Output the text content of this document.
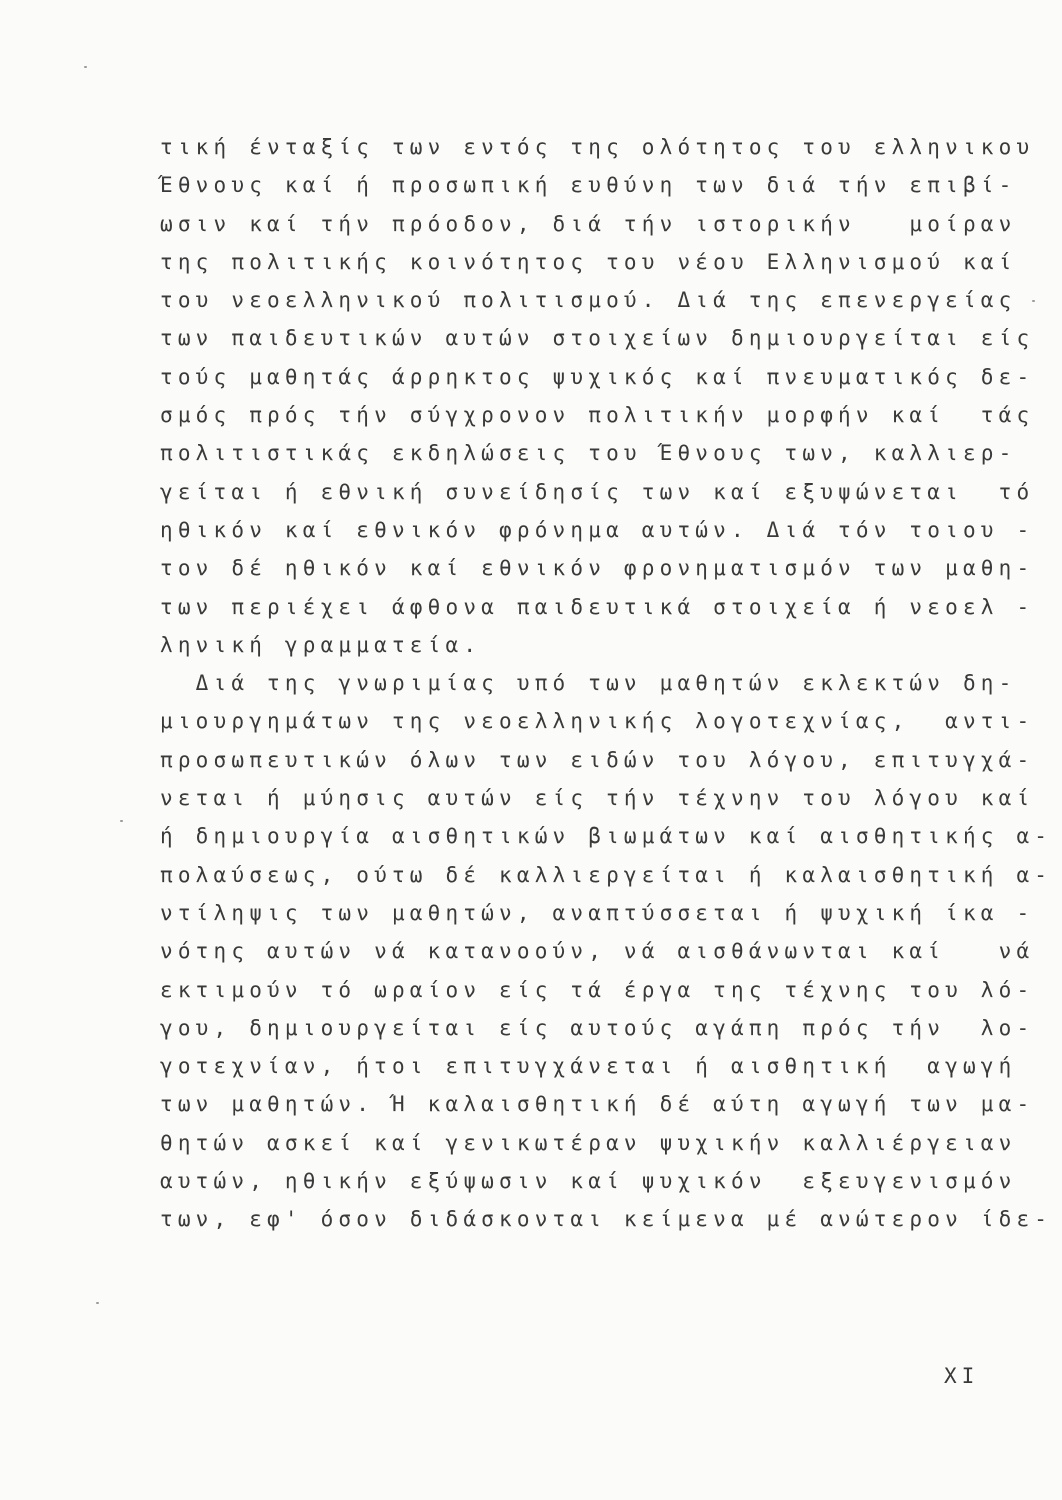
τική ένταξίς των εντός της ολότητος του ελληνικου
Έθνους καί ή προσωπική ευθύνη των διά τήν επιβί-
ωσιν καί τήν πρόοδον, διά τήν ιστορικήν   μοίραν
της πολιτικής κοινότητος του νέου Ελληνισμού καί
του νεοελληνικού πολιτισμού. Διά της επενεργείας
των παιδευτικών αυτών στοιχείων δημιουργείται είς
τούς μαθητάς άρρηκτος ψυχικός καί πνευματικός δε-
σμός πρός τήν σύγχρονον πολιτικήν μορφήν καί  τάς
πολιτιστικάς εκδηλώσεις του Έθνους των, καλλιερ-
γείται ή εθνική συνείδησίς των καί εξυψώνεται  τό
ηθικόν καί εθνικόν φρόνημα αυτών. Διά τόν τοιου -
τον δέ ηθικόν καί εθνικόν φρονηματισμόν των μαθη-
των περιέχει άφθονα παιδευτικά στοιχεία ή νεοελ -
ληνική γραμματεία.
Διά της γνωριμίας υπό των μαθητών εκλεκτών δη-
μιουργημάτων της νεοελληνικής λογοτεχνίας,  αντι-
προσωπευτικών όλων των ειδών του λόγου, επιτυγχά-
νεται ή μύησις αυτών είς τήν τέχνην του λόγου καί
ή δημιουργία αισθητικών βιωμάτων καί αισθητικής α-
πολαύσεως, ούτω δέ καλλιεργείται ή καλαισθητική α-
ντίληψις των μαθητών, αναπτύσσεται ή ψυχική ίκα -
νότης αυτών νά κατανοούν, νά αισθάνωνται καί   νά
εκτιμούν τό ωραίον είς τά έργα της τέχνης του λό-
γου, δημιουργείται είς αυτούς αγάπη πρός τήν  λο-
γοτεχνίαν, ήτοι επιτυγχάνεται ή αισθητική  αγωγή
των μαθητών. Ή καλαισθητική δέ αύτη αγωγή των μα-
θητών ασκεί καί γενικωτέραν ψυχικήν καλλιέργειαν
αυτών, ηθικήν εξύψωσιν καί ψυχικόν  εξευγενισμόν
των, εφ' όσον διδάσκονται κείμενα μέ ανώτερον ίδε-
XI
